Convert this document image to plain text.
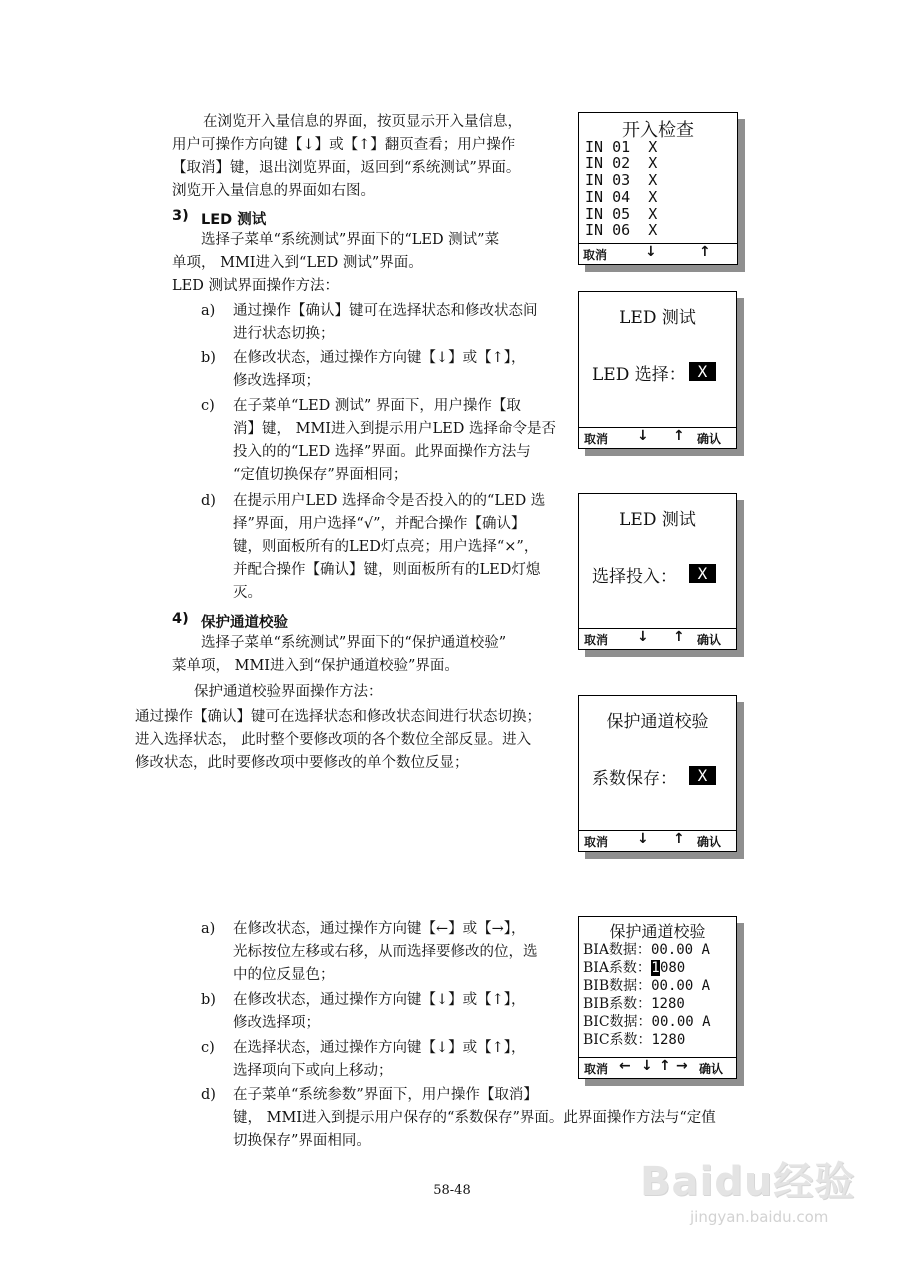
在浏览开入量信息的界面，按页显示开入量信息，
用户可操作方向键【↓】或【↑】翻页查看；用户操作
【取消】键，退出浏览界面，返回到“系统测试”界面。
浏览开入量信息的界面如右图。
3) LED 测试
选择子菜单“系统测试”界面下的“LED 测试”菜
单项， MMI进入到“LED 测试”界面。
LED 测试界面操作方法：
a) 通过操作【确认】键可在选择状态和修改状态间
进行状态切换；
b) 在修改状态，通过操作方向键【↓】或【↑】，
修改选择项；
c) 在子菜单“LED 测试” 界面下，用户操作【取
消】键， MMI进入到提示用户LED 选择命令是否
投入的的“LED 选择”界面。此界面操作方法与
“定值切换保存”界面相同；
d) 在提示用户LED 选择命令是否投入的的“LED 选
择”界面，用户选择“√”，并配合操作【确认】
键，则面板所有的LED灯点亮；用户选择“×”，
并配合操作【确认】键，则面板所有的LED灯熄
灭。
4) 保护通道校验
选择子菜单“系统测试”界面下的“保护通道校验”
菜单项， MMI进入到“保护通道校验”界面。
保护通道校验界面操作方法：
通过操作【确认】键可在选择状态和修改状态间进行状态切换；
进入选择状态， 此时整个要修改项的各个数位全部反显。进入
修改状态，此时要修改项中要修改的单个数位反显；
a) 在修改状态，通过操作方向键【←】或【→】，
光标按位左移或右移，从而选择要修改的位，选
中的位反显色；
b) 在修改状态，通过操作方向键【↓】或【↑】，
修改选择项；
c) 在选择状态，通过操作方向键【↓】或【↑】，
选择项向下或向上移动；
d) 在子菜单“系统参数”界面下，用户操作【取消】
键， MMI进入到提示用户保存的“系数保存”界面。此界面操作方法与“定值
切换保存”界面相同。
开入检查
IN 01  X
IN 02  X
IN 03  X
IN 04  X
IN 05  X
IN 06  X
取消	↓	↑
LED 测试
LED 选择： X
取消 ↓ ↑ 确认
LED 测试
选择投入：	X
取消 ↓ ↑ 确认
保护通道校验
系数保存：	X
取消 ↓ ↑ 确认
保护通道校验
BIA数据：00.00 A
BIA系数：1080
BIB数据：00.00 A
BIB系数：1280
BIC数据：00.00 A
BIC系数：1280
取消 ← ↓ ↑ → 确认
58-48	Baidu经验
jingyan.baidu.com
